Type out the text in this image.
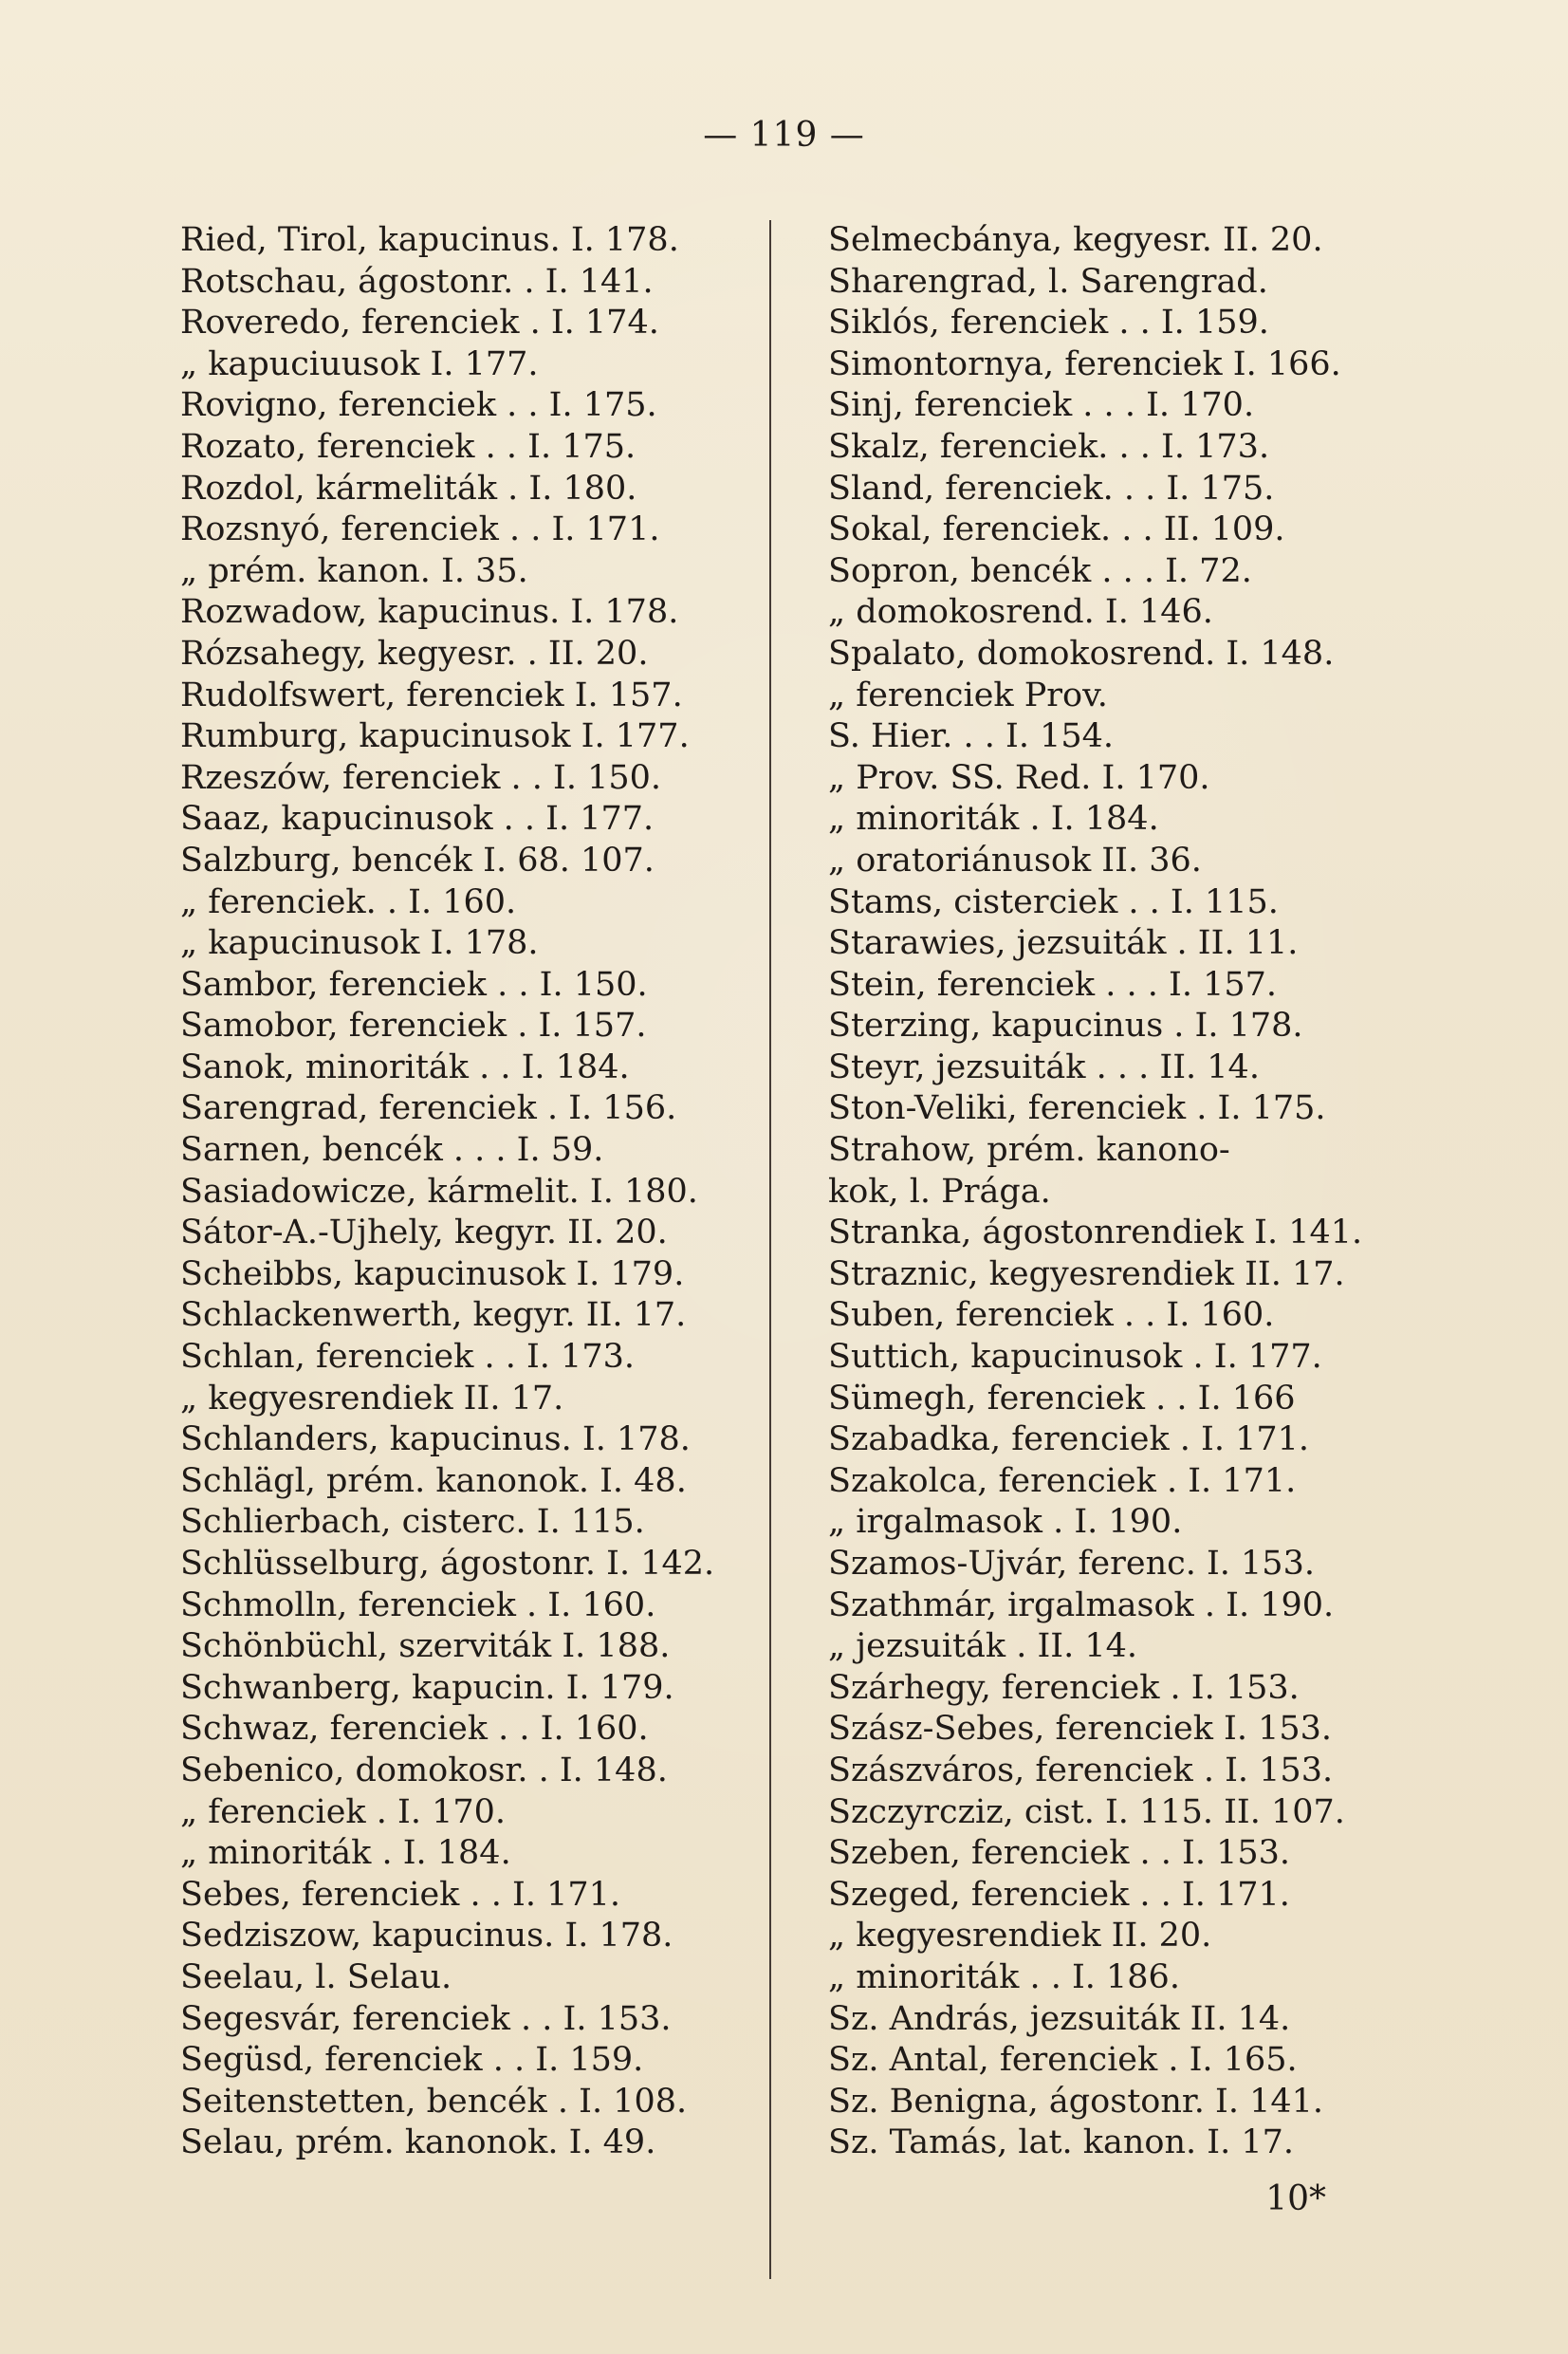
— 119 —
Ried, Tirol, kapucinus. I. 178.
Rotschau, ágostonr. . I. 141.
Roveredo, ferenciek . I. 174.
„ kapuciuusok I. 177.
Rovigno, ferenciek . . I. 175.
Rozato, ferenciek . . I. 175.
Rozdol, kármeliták . I. 180.
Rozsnyó, ferenciek . . I. 171.
„ prém. kanon. I. 35.
Rozwadow, kapucinus. I. 178.
Rózsahegy, kegyesr. . II. 20.
Rudolfswert, ferenciek I. 157.
Rumburg, kapucinusok I. 177.
Rzeszów, ferenciek . . I. 150.
Saaz, kapucinusok . . I. 177.
Salzburg, bencék I. 68. 107.
„ ferenciek. . I. 160.
„ kapucinusok I. 178.
Sambor, ferenciek . . I. 150.
Samobor, ferenciek . I. 157.
Sanok, minoriták . . I. 184.
Sarengrad, ferenciek . I. 156.
Sarnen, bencék . . . I. 59.
Sasiadowicze, kármelit. I. 180.
Sátor-A.-Ujhely, kegyr. II. 20.
Scheibbs, kapucinusok I. 179.
Schlackenwerth, kegyr. II. 17.
Schlan, ferenciek . . I. 173.
„ kegyesrendiek II. 17.
Schlanders, kapucinus. I. 178.
Schlägl, prém. kanonok. I. 48.
Schlierbach, cisterc. I. 115.
Schlüsselburg, ágostonr. I. 142.
Schmolln, ferenciek . I. 160.
Schönbüchl, szerviták I. 188.
Schwanberg, kapucin. I. 179.
Schwaz, ferenciek . . I. 160.
Sebenico, domokosr. . I. 148.
„ ferenciek . I. 170.
„ minoriták . I. 184.
Sebes, ferenciek . . I. 171.
Sedziszow, kapucinus. I. 178.
Seelau, l. Selau.
Segesvár, ferenciek . . I. 153.
Següsd, ferenciek . . I. 159.
Seitenstetten, bencék . I. 108.
Selau, prém. kanonok. I. 49.
Selmecbánya, kegyesr. II. 20.
Sharengrad, l. Sarengrad.
Siklós, ferenciek . . I. 159.
Simontornya, ferenciek I. 166.
Sinj, ferenciek . . . I. 170.
Skalz, ferenciek. . . I. 173.
Sland, ferenciek. . . I. 175.
Sokal, ferenciek. . . II. 109.
Sopron, bencék . . . I. 72.
„ domokosrend. I. 146.
Spalato, domokosrend. I. 148.
„ ferenciek Prov.
S. Hier. . . I. 154.
„ Prov. SS. Red. I. 170.
„ minoriták . I. 184.
„ oratoriánusok II. 36.
Stams, cisterciek . . I. 115.
Starawies, jezsuiták . II. 11.
Stein, ferenciek . . . I. 157.
Sterzing, kapucinus . I. 178.
Steyr, jezsuiták . . . II. 14.
Ston-Veliki, ferenciek . I. 175.
Strahow, prém. kanono-
kok, l. Prága.
Stranka, ágostonrendiek I. 141.
Straznic, kegyesrendiek II. 17.
Suben, ferenciek . . I. 160.
Suttich, kapucinusok . I. 177.
Sümegh, ferenciek . . I. 166
Szabadka, ferenciek . I. 171.
Szakolca, ferenciek . I. 171.
„ irgalmasok . I. 190.
Szamos-Ujvár, ferenc. I. 153.
Szathmár, irgalmasok . I. 190.
„ jezsuiták . II. 14.
Szárhegy, ferenciek . I. 153.
Szász-Sebes, ferenciek I. 153.
Szászváros, ferenciek . I. 153.
Szczyrcziz, cist. I. 115. II. 107.
Szeben, ferenciek . . I. 153.
Szeged, ferenciek . . I. 171.
„ kegyesrendiek II. 20.
„ minoriták . . I. 186.
Sz. András, jezsuiták II. 14.
Sz. Antal, ferenciek . I. 165.
Sz. Benigna, ágostonr. I. 141.
Sz. Tamás, lat. kanon. I. 17.
10*
